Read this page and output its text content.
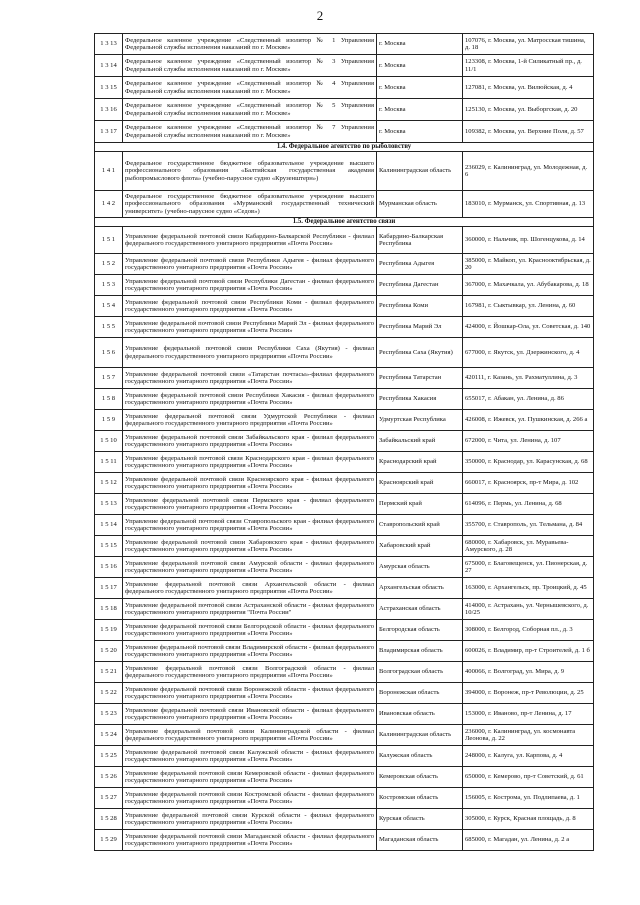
2
1 3 13	Федеральное казенное учреждение «Следственный изолятор № 1 Управления Федеральной службы исполнения наказаний по г. Москве»	г. Москва	107076, г. Москва, ул. Матросская тишина, д. 18
1 3 14	Федеральное казенное учреждение «Следственный изолятор № 3 Управления Федеральной службы исполнения наказаний по г. Москве»	г. Москва	123308, г. Москва, 1-й Силикатный пр., д. 11/1
1 3 15	Федеральное казенное учреждение «Следственный изолятор № 4 Управления Федеральной службы исполнения наказаний по г. Москве»	г. Москва	127081, г. Москва, ул. Вилюйская, д. 4
1 3 16	Федеральное казенное учреждение «Следственный изолятор № 5 Управления Федеральной службы исполнения наказаний по г. Москве»	г. Москва	125130, г. Москва, ул. Выборгская, д. 20
1 3 17	Федеральное казенное учреждение «Следственный изолятор № 7 Управления Федеральной службы исполнения наказаний по г. Москве»	г. Москва	109382, г. Москва, ул. Верхние Поля, д. 57
1.4. Федеральное агентство по рыболовству			
1 4 1	Федеральное государственное бюджетное образовательное учреждение высшего профессионального образования «Балтийская государственная академия рыбопромыслового флота» (учебно-парусное судно «Крузенштерн»)	Калининградская область	236029, г. Калининград, ул. Молодежная, д. 6
1 4 2	Федеральное государственное бюджетное образовательное учреждение высшего профессионального образования «Мурманский государственный технический университет» (учебно-парусное судно «Седов»)	Мурманская область	183010, г. Мурманск, ул. Спортивная, д. 13
1.5. Федеральное агентство связи			
1 5 1	Управление федеральной почтовой связи Кабардино-Балкарской Республики - филиал федерального государственного унитарного предприятия «Почта России»	Кабардино-Балкарская Республика	360000, г. Нальчик, пр. Шогенцукова, д. 14
1 5 2	Управление федеральной почтовой связи Республики Адыгея - филиал федерального государственного унитарного предприятия «Почта России»	Республика Адыгея	385000, г. Майкоп, ул. Краснооктябрьская, д. 20
1 5 3	Управление федеральной почтовой связи Республики Дагестан - филиал федерального государственного унитарного предприятия «Почта России»	Республика Дагестан	367000, г. Махачкала, ул. Абубакарова, д. 18
1 5 4	Управление федеральной почтовой связи Республики Коми - филиал федерального государственного унитарного предприятия «Почта России»	Республика Коми	167981, г. Сыктывкар, ул. Ленина, д. 60
1 5 5	Управление федеральной почтовой связи Республики Марий Эл - филиал федерального государственного унитарного предприятия «Почта России»	Республика Марий Эл	424000, г. Йошкар-Ола, ул. Советская, д. 140
1 5 6	Управление федеральной почтовой связи Республики Саха (Якутия) - филиал федерального государственного унитарного предприятия «Почта России»	Республика Саха (Якутия)	677000, г. Якутск, ул. Дзержинского, д. 4
1 5 7	Управление федеральной почтовой связи «Татарстан почтасы»-филиал федерального государственного унитарного предприятия «Почта России»	Республика Татарстан	420111, г. Казань, ул. Рахматуллина, д. 3
1 5 8	Управление федеральной почтовой связи Республики Хакасия - филиал федерального государственного унитарного предприятия «Почта России»	Республика Хакасия	655017, г. Абакан, ул. Ленина, д. 86
1 5 9	Управление федеральной почтовой связи Удмуртской Республики - филиал федерального государственного унитарного предприятия «Почта России»	Удмуртская Республика	426008, г. Ижевск, ул. Пушкинская, д. 266 а
1 5 10	Управление федеральной почтовой связи Забайкальского края - филиал федерального государственного унитарного предприятия «Почта России»	Забайкальский край	672000, г. Чита, ул. Ленина, д. 107
1 5 11	Управление федеральной почтовой связи Краснодарского края - филиал федерального государственного унитарного предприятия «Почта России»	Краснодарский край	350000, г. Краснодар, ул. Карасунская, д. 68
1 5 12	Управление федеральной почтовой связи Красноярского края - филиал федерального государственного унитарного предприятия «Почта России»	Красноярский край	660017, г. Красноярск, пр-т Мира, д. 102
1 5 13	Управление федеральной почтовой связи Пермского края - филиал федерального государственного унитарного предприятия «Почта России»	Пермский край	614096, г. Пермь, ул. Ленина, д. 68
1 5 14	Управление федеральной почтовой связи Ставропольского края - филиал федерального государственного унитарного предприятия «Почта России»	Ставропольский край	355700, г. Ставрополь, ул. Тельмана, д. 84
1 5 15	Управление федеральной почтовой связи Хабаровского края - филиал федерального государственного унитарного предприятия «Почта России»	Хабаровский край	680000, г. Хабаровск, ул. Муравьева-Амурского, д. 28
1 5 16	Управление федеральной почтовой связи Амурской области - филиал федерального государственного унитарного предприятия «Почта России»	Амурская область	675000, г. Благовещенск, ул. Пионерская, д. 27
1 5 17	Управление федеральной почтовой связи Архангельской области - филиал федерального государственного унитарного предприятия «Почта России»	Архангельская область	163000, г. Архангельск, пр. Троицкий, д. 45
1 5 18	Управление федеральной почтовой связи Астраханской области - филиал федерального государственного унитарного предприятия "Почта России"	Астраханская область	414000, г. Астрахань, ул. Чернышевского, д. 10/25
1 5 19	Управление федеральной почтовой связи Белгородской области - филиал федерального государственного унитарного предприятия «Почта России»	Белгородская область	308000, г. Белгород, Соборная пл., д. 3
1 5 20	Управление федеральной почтовой связи Владимирской области - филиал федерального государственного унитарного предприятия «Почта России»	Владимирская область	600026, г. Владимир, пр-т Строителей, д. 1 б
1 5 21	Управление федеральной почтовой связи Волгоградской области - филиал федерального государственного унитарного предприятия «Почта России»	Волгоградская область	400066, г. Волгоград, ул. Мира, д. 9
1 5 22	Управление федеральной почтовой связи Воронежской области - филиал федерального государственного унитарного предприятия «Почта России»	Воронежская область	394000, г. Воронеж, пр-т Революции, д. 25
1 5 23	Управление федеральной почтовой связи Ивановской области - филиал федерального государственного унитарного предприятия «Почта России»	Ивановская область	153000, г. Иваново, пр-т Ленина, д. 17
1 5 24	Управление федеральной почтовой связи Калининградской области - филиал федерального государственного унитарного предприятия «Почта России»	Калининградская область	236000, г. Калининград, ул. космонавта Леонова, д. 22
1 5 25	Управление федеральной почтовой связи Калужской области - филиал федерального государственного унитарного предприятия «Почта России»	Калужская область	248000, г. Калуга, ул. Карпова, д. 4
1 5 26	Управление федеральной почтовой связи Кемеровской области - филиал федерального государственного унитарного предприятия «Почта России»	Кемеровская область	650000, г. Кемерово, пр-т Советский, д. 61
1 5 27	Управление федеральной почтовой связи Костромской области - филиал федерального государственного унитарного предприятия «Почта России»	Костромская область	156005, г. Кострома, ул. Подлипаева, д. 1
1 5 28	Управление федеральной почтовой связи Курской области - филиал федерального государственного унитарного предприятия «Почта России»	Курская область	305000, г. Курск, Красная площадь, д. 8
1 5 29	Управление федеральной почтовой связи Магаданской области - филиал федерального государственного унитарного предприятия «Почта России»	Магаданская область	685000, г. Магадан, ул. Ленина, д. 2 а
